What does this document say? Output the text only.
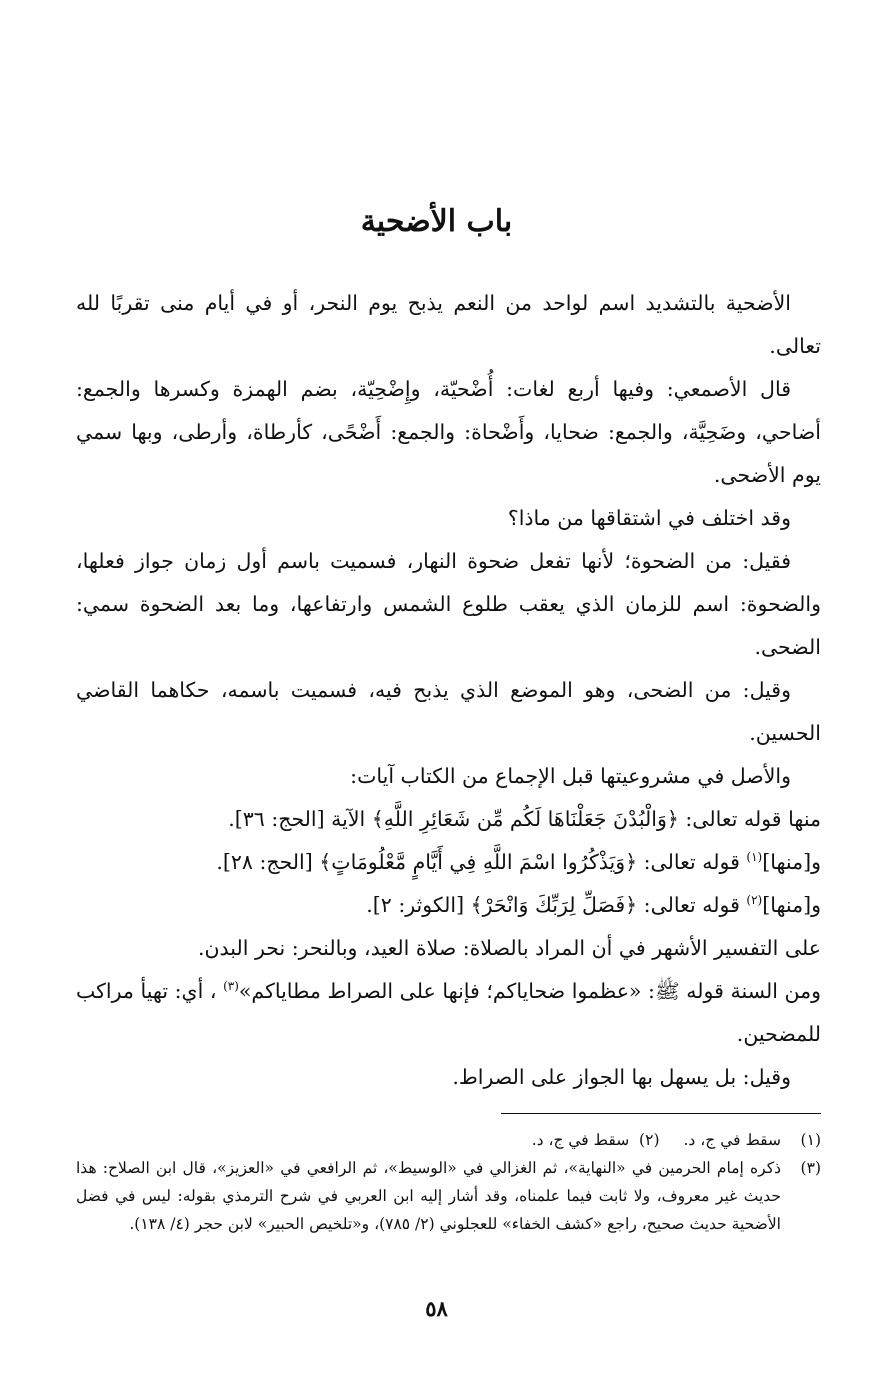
باب الأضحية

الأضحية بالتشديد اسم لواحد من النعم يذبح يوم النحر، أو في أيام منى تقربًا لله تعالى.

قال الأصمعي: وفيها أربع لغات: أُضْحيّة، وإِضْحِيّة، بضم الهمزة وكسرها والجمع: أضاحي، وضَحِيَّة، والجمع: ضحايا، وأَضْحاة: والجمع: أَضْحًى، كأرطاة، وأرطى، وبها سمي يوم الأضحى.

وقد اختلف في اشتقاقها من ماذا؟

فقيل: من الضحوة؛ لأنها تفعل ضحوة النهار، فسميت باسم أول زمان جواز فعلها، والضحوة: اسم للزمان الذي يعقب طلوع الشمس وارتفاعها، وما بعد الضحوة سمي: الضحى.

وقيل: من الضحى، وهو الموضع الذي يذبح فيه، فسميت باسمه، حكاهما القاضي الحسين.

والأصل في مشروعيتها قبل الإجماع من الكتاب آيات:

منها قوله تعالى: ﴿وَالْبُدْنَ جَعَلْنَاهَا لَكُم مِّن شَعَائِرِ اللَّهِ﴾ الآية [الحج: ٣٦].

و[منها]$^{(١)}$ قوله تعالى: ﴿وَيَذْكُرُوا اسْمَ اللَّهِ فِي أَيَّامٍ مَّعْلُومَاتٍ﴾ [الحج: ٢٨].

و[منها]$^{(٢)}$ قوله تعالى: ﴿فَصَلِّ لِرَبِّكَ وَانْحَرْ﴾ [الكوثر: ٢].

على التفسير الأشهر في أن المراد بالصلاة: صلاة العيد، وبالنحر: نحر البدن.

ومن السنة قوله ﷺ: «عظموا ضحاياكم؛ فإنها على الصراط مطاياكم»$^{(٣)}$ ، أي: تهيأ مراكب للمضحين.

وقيل: بل يسهل بها الجواز على الصراط.

(١)
سقط في ج، د.(٢)  سقط في ج، د.

(٣)
ذكره إمام الحرمين في «النهاية»، ثم الغزالي في «الوسيط»، ثم الرافعي في «العزيز»، قال ابن الصلاح: هذا حديث غير معروف، ولا ثابت فيما علمناه، وقد أشار إليه ابن العربي في شرح الترمذي بقوله: ليس في فضل الأضحية حديث صحيح، راجع «كشف الخفاء» للعجلوني (٢/ ٧٨٥)، و«تلخيص الحبير» لابن حجر (٤/ ١٣٨).

٥٨
